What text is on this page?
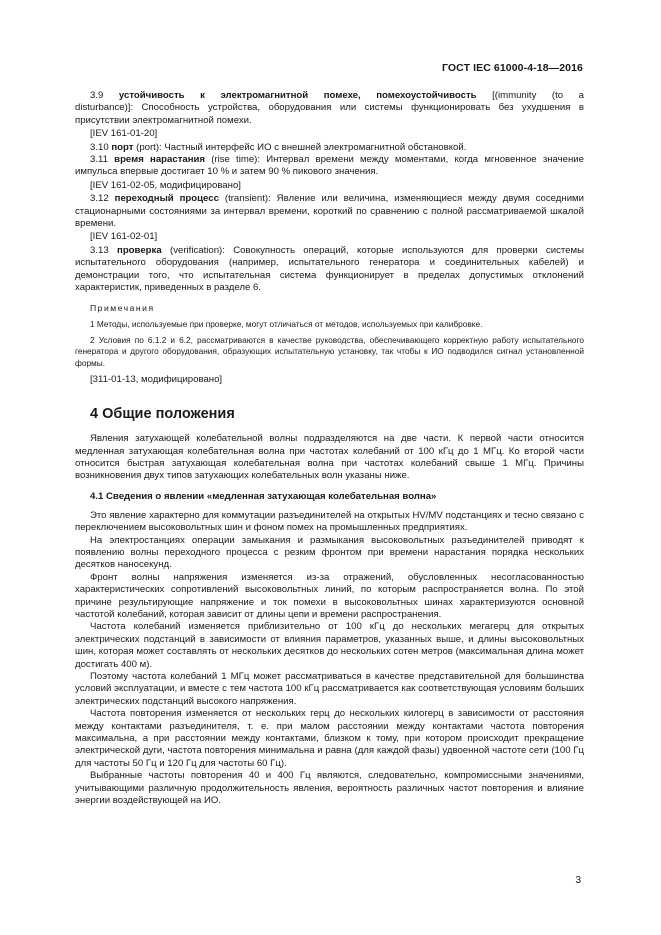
ГОСТ IEC 61000-4-18—2016

3.9 устойчивость к электромагнитной помехе, помехоустойчивость [(immunity (to a

disturbance)]: Способность устройства, оборудования или системы функционировать без ухудшения в присутствии электромагнитной помехи.

[IEV 161-01-20]

3.10 порт (port): Частный интерфейс ИО с внешней электромагнитной обстановкой.

3.11 время нарастания (rise time): Интервал времени между моментами, когда мгновенное значение импульса впервые достигает 10 % и затем 90 % пикового значения.

[IEV 161-02-05, модифицировано]

3.12 переходный процесс (transient): Явление или величина, изменяющиеся между двумя соседними стационарными состояниями за интервал времени, короткий по сравнению с полной рассматриваемой шкалой времени.

[IEV 161-02-01]

3.13 проверка (verification): Совокупность операций, которые используются для проверки системы испытательного оборудования (например, испытательного генератора и соединительных кабелей) и демонстрации того, что испытательная система функционирует в пределах допустимых отклонений характеристик, приведенных в разделе 6.

Примечания

1 Методы, используемые при проверке, могут отличаться от методов, используемых при калибровке.

2 Условия по 6.1.2 и 6.2, рассматриваются в качестве руководства, обеспечивающего корректную работу испытательного генератора и другого оборудования, образующих испытательную установку, так чтобы к ИО подводился сигнал установленной формы.

[311-01-13, модифицировано]

4 Общие положения

Явления затухающей колебательной волны подразделяются на две части. К первой части относится медленная затухающая колебательная волна при частотах колебаний от 100 кГц до 1 МГц. Ко второй части относится быстрая затухающая колебательная волна при частотах колебаний свыше 1 МГц. Причины возникновения двух типов затухающих колебательных волн указаны ниже.

4.1 Сведения о явлении «медленная затухающая колебательная волна»

Это явление характерно для коммутации разъединителей на открытых HV/MV подстанциях и тесно связано с переключением высоковольтных шин и фоном помех на промышленных предприятиях.

На электростанциях операции замыкания и размыкания высоковольтных разъединителей приводят к появлению волны переходного процесса с резким фронтом при времени нарастания порядка нескольких десятков наносекунд.

Фронт волны напряжения изменяется из-за отражений, обусловленных несогласованностью характеристических сопротивлений высоковольтных линий, по которым распространяется волна. По этой причине результирующие напряжение и ток помехи в высоковольтных шинах характеризуются основной частотой колебаний, которая зависит от длины цепи и времени распространения.

Частота колебаний изменяется приблизительно от 100 кГц до нескольких мегагерц для открытых электрических подстанций в зависимости от влияния параметров, указанных выше, и длины высоковольтных шин, которая может составлять от нескольких десятков до нескольких сотен метров (максимальная длина может достигать 400 м).

Поэтому частота колебаний 1 МГц может рассматриваться в качестве представительной для большинства условий эксплуатации, и вместе с тем частота 100 кГц рассматривается как соответствующая условиям больших электрических подстанций высокого напряжения.

Частота повторения изменяется от нескольких герц до нескольких килогерц в зависимости от расстояния между контактами разъединителя, т. е. при малом расстоянии между контактами частота повторения максимальна, а при расстоянии между контактами, близком к тому, при котором происходит прекращение электрической дуги, частота повторения минимальна и равна (для каждой фазы) удвоенной частоте сети (100 Гц для частоты 50 Гц и 120 Гц для частоты 60 Гц).

Выбранные частоты повторения 40 и 400 Гц являются, следовательно, компромиссными значениями, учитывающими различную продолжительность явления, вероятность различных частот повторения и влияние энергии воздействующей на ИО.

3
